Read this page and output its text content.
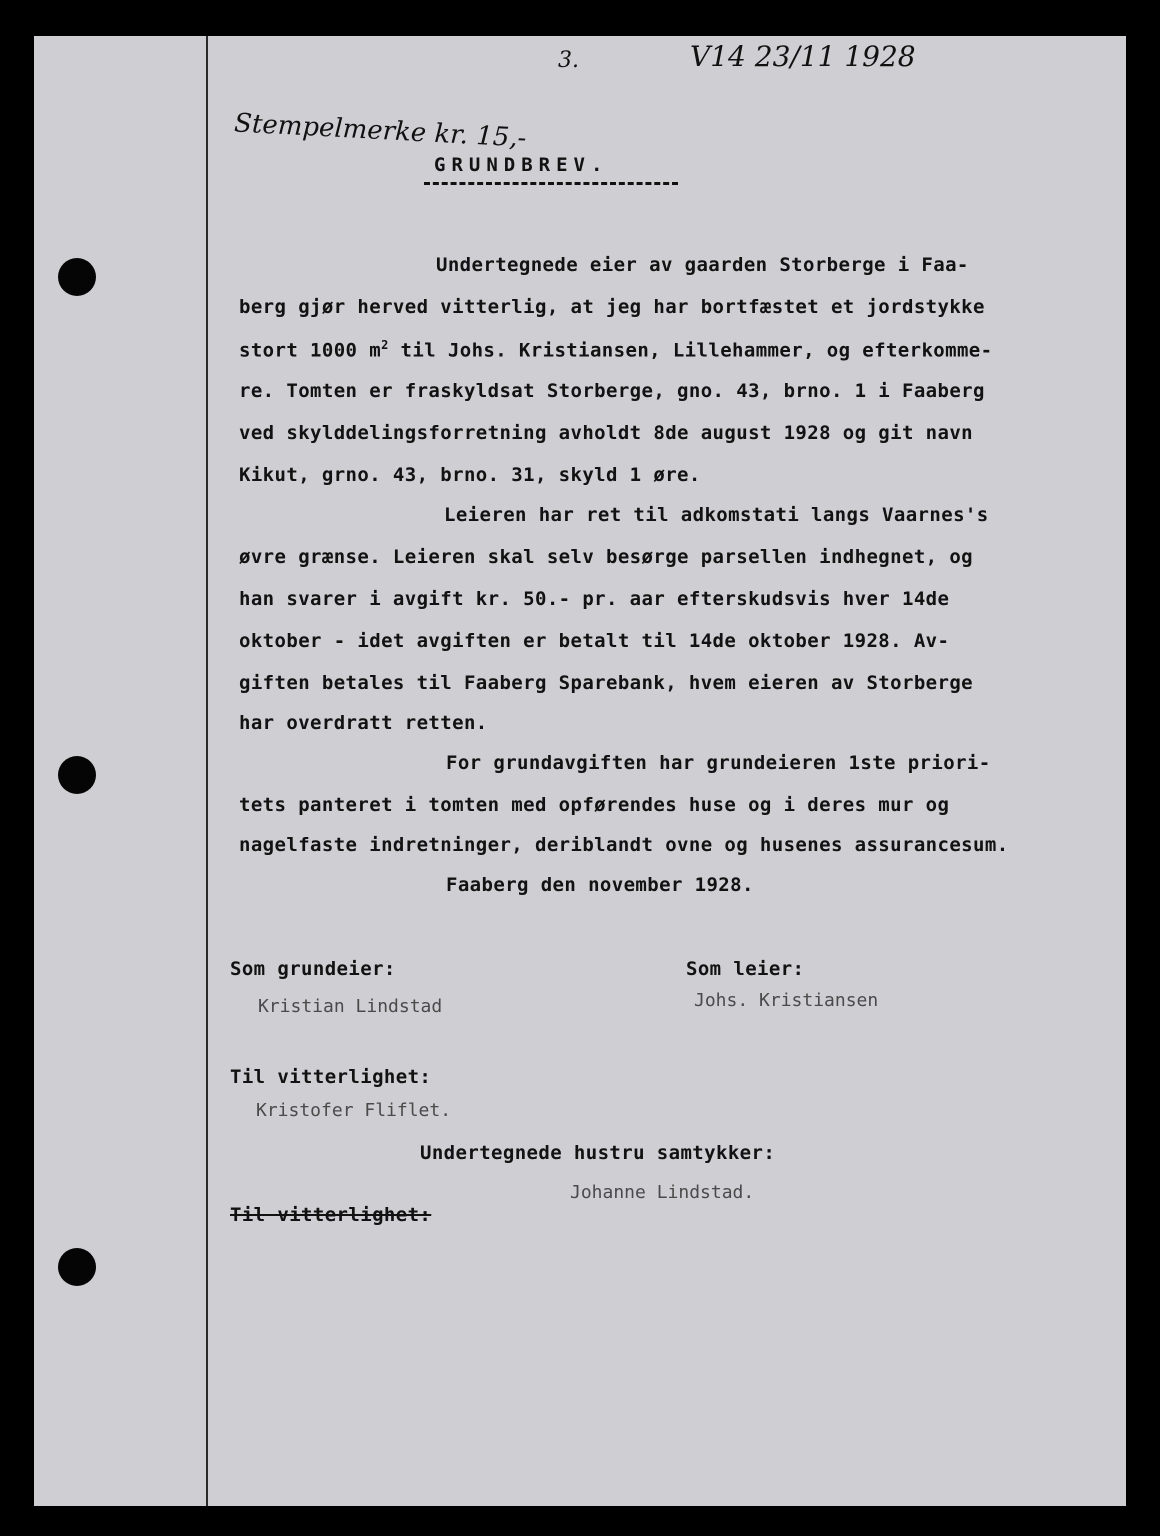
3.	V14 23/11 1928
Stempelmerke kr. 15,-
GRUNDBREV.
Undertegnede eier av gaarden Storberge i Faa-
berg gjør herved vitterlig, at jeg har bortfæstet et jordstykke
stort 1000 $m^2$ til Johs. Kristiansen, Lillehammer, og efterkomme-
re. Tomten er fraskyldsat Storberge, gno. 43, brno. 1 i Faaberg
ved skylddelingsforretning avholdt 8de august 1928 og git navn
Kikut, grno. 43, brno. 31, skyld 1 øre.
Leieren har ret til adkomstati langs Vaarnes's
øvre grænse. Leieren skal selv besørge parsellen indhegnet, og
han svarer i avgift kr. 50.- pr. aar efterskudsvis hver 14de
oktober - idet avgiften er betalt til 14de oktober 1928. Av-
giften betales til Faaberg Sparebank, hvem eieren av Storberge
har overdratt retten.
For grundavgiften har grundeieren 1ste priori-
tets panteret i tomten med opførendes huse og i deres mur og
nagelfaste indretninger, deriblandt ovne og husenes assurancesum.
Faaberg den november 1928.
Som grundeier:
Kristian Lindstad
Som leier:
Johs. Kristiansen
Til vitterlighet:
Kristofer Fliflet.
Undertegnede hustru samtykker:
Johanne Lindstad.
Til vitterlighet:
